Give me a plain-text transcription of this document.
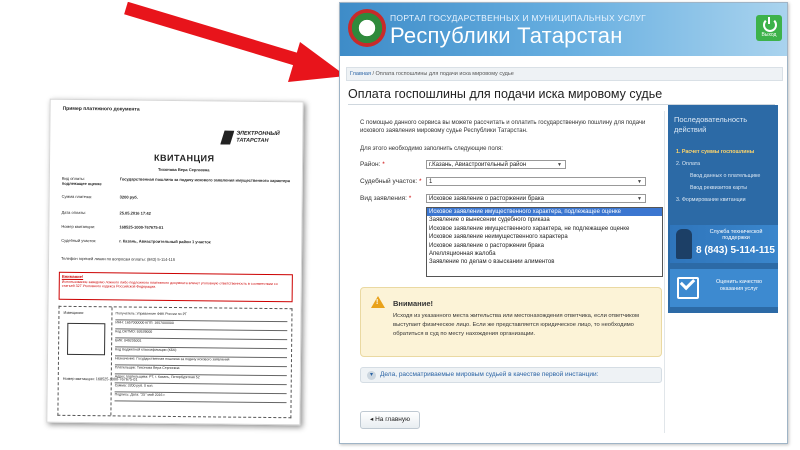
Пример платежного документа
ЭЛЕКТРОННЫЙ
ТАТАРСТАН
КВИТАНЦИЯ
Тихонова Вера Сергеевна
Вид оплаты:	Государственная пошлина за подачу искового заявления имущественного характера подлежащее оценке
Сумма платежа:	3200 руб.
Дата оплаты:	25.05.2016 17:42
Номер квитанции:	168525-1000-767675-01
Судебный участок:	г. Казань, Авиастроительный район 1 участок
Телефон горячей линии по вопросам оплаты: (843) 5-114-115
Внимание!
Использование заведомо ложного либо подложного платежного документа влечет уголовную ответственность в соответствии со статьей 327 Уголовного кодекса Российской Федерации.
Извещение
Номер квитанции: 168525-1000-767675-01
Получатель: Управление ФФК России по РТ
ИНН: 1657000000 КПП: 1657000000
Код ОКТМО: 92639000
БИК: 049205001
Код бюджетной классификации (КБК):
Назначение: Государственная пошлина за подачу искового заявления
Плательщик: Тихонова Вера Сергеевна
Адрес плательщика: РТ, г. Казань, Петербургская 52
Сумма: 3200 руб. 0 коп.
Подпись: Дата: "25" май 2016 г.
ПОРТАЛ ГОСУДАРСТВЕННЫХ И МУНИЦИПАЛЬНЫХ УСЛУГ
Республики Татарстан	Выход
Главная / Оплата госпошлины для подачи иска мировому судье
Оплата госпошлины для подачи иска мировому судье
С помощью данного сервиса вы можете рассчитать и оплатить государственную пошлину для подачи искового заявления мировому судье Республики Татарстан.
Для этого необходимо заполнить следующие поля:
Район: *	г.Казань, Авиастроительный район	▼
Судебный участок: *	1	▼
Вид заявления: *	Исковое заявление о расторжении брака	▼
Исковое заявление имущественного характера, подлежащее оценке
Заявление о вынесении судебного приказа
Исковое заявление имущественного характера, не подлежащее оценке
Исковое заявление неимущественного характера
Исковое заявление о расторжении брака
Апелляционная жалоба
Заявление по делам о взыскании алиментов
! Внимание!
Исходя из указанного места жительства или местонахождения ответчика, если ответчиком выступает физическое лицо. Если же представляется юридическое лицо, то необходимо обратиться в суд по месту нахождения организации.
▾ Дела, рассматриваемые мировым судьей в качестве первой инстанции:
◂ На главную
Последовательность действий
1. Расчет суммы госпошлины
2. Оплата
Ввод данных о плательщике
Ввод реквизитов карты
3. Формирование квитанции
Служба технической поддержки
8 (843) 5-114-115
Оценить качество оказания услуг
